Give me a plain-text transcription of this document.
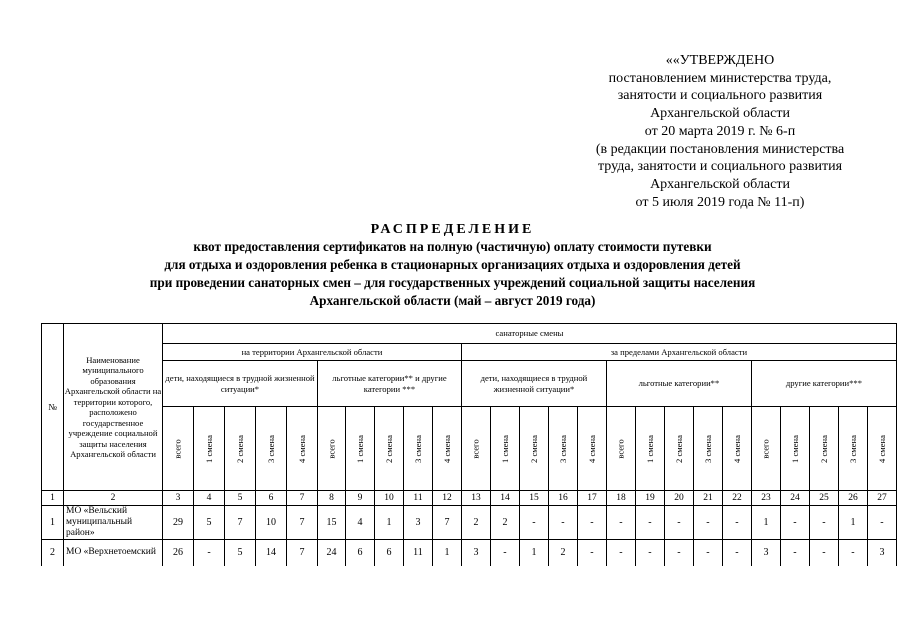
««УТВЕРЖДЕНО
постановлением министерства труда,
занятости и социального развития
Архангельской области
от 20 марта 2019 г. № 6-п
(в редакции постановления министерства
труда, занятости и социального развития
Архангельской области
от 5 июля 2019 года № 11-п)
РАСПРЕДЕЛЕНИЕ
квот предоставления сертификатов на полную (частичную) оплату стоимости путевки
для отдыха и оздоровления ребенка в стационарных организациях отдыха и оздоровления детей
при проведении санаторных смен – для государственных учреждений социальной защиты населения
Архангельской области (май – август 2019 года)
№	Наименование муниципального образования Архангельской области на территории которого, расположено государственное учреждение социальной защиты населения Архангельской области	санаторные смены																								
		на территории Архангельской области										за пределами Архангельской области														
		дети, находящиеся в трудной жизненной ситуации*					льготные категории** и другие категории ***					дети, находящиеся в трудной жизненной ситуации*					льготные категории**					другие категории***				
		всего	1 смена	2 смена	3 смена	4 смена	всего	1 смена	2 смена	3 смена	4 смена	всего	1 смена	2 смена	3 смена	4 смена	всего	1 смена	2 смена	3 смена	4 смена	всего	1 смена	2 смена	3 смена	4 смена
1	2	3	4	5	6	7	8	9	10	11	12	13	14	15	16	17	18	19	20	21	22	23	24	25	26	27
1	МО «Вельский муниципальный район»	29	5	7	10	7	15	4	1	3	7	2	2	-	-	-	-	-	-	-	-	1	-	-	1	-
2	МО «Верхнетоемский	26	-	5	14	7	24	6	6	11	1	3	-	1	2	-	-	-	-	-	-	3	-	-	-	3
